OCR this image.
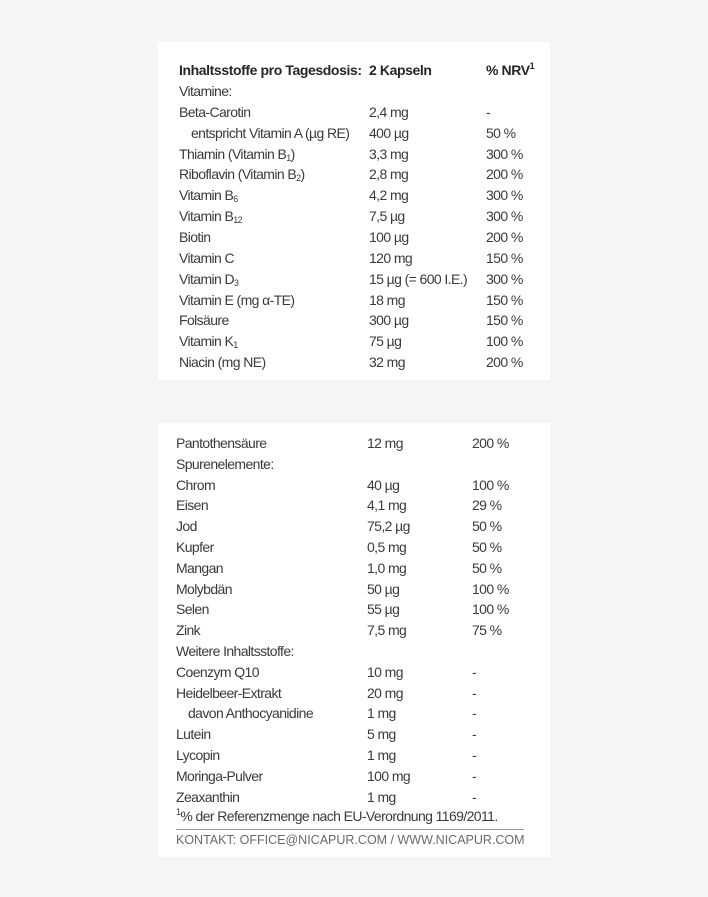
Inhaltsstoffe pro Tagesdosis: 2 Kapseln	% NRV$^1$
Vitamine:
Beta-Carotin	2,4 mg	-
entspricht Vitamin A (µg RE) 400 µg	50 %
Thiamin (Vitamin $B_1$)	3,3 mg	300 %
Riboflavin (Vitamin $B_2$)	2,8 mg	200 %
Vitamin $B_6$	4,2 mg	300 %
Vitamin $B_{12}$	7,5 µg	300 %
Biotin	100 µg	200 %
Vitamin C	120 mg	150 %
Vitamin $D_3$	15 µg (= 600 I.E.) 300 %
Vitamin E (mg α-TE)	18 mg	150 %
Folsäure	300 µg	150 %
Vitamin $K_1$	75 µg	100 %
Niacin (mg NE)	32 mg	200 %
Pantothensäure	12 mg	200 %
Spurenelemente:
Chrom	40 µg	100 %
Eisen	4,1 mg	29 %
Jod	75,2 µg	50 %
Kupfer	0,5 mg	50 %
Mangan	1,0 mg	50 %
Molybdän	50 µg	100 %
Selen	55 µg	100 %
Zink	7,5 mg	75 %
Weitere Inhaltsstoffe:
Coenzym Q10	10 mg	-
Heidelbeer-Extrakt	20 mg	-
davon Anthocyanidine	1 mg	-
Lutein	5 mg	-
Lycopin	1 mg	-
Moringa-Pulver	100 mg	-
Zeaxanthin	1 mg	-
$^1$% der Referenzmenge nach EU-Verordnung 1169/2011.
KONTAKT: OFFICE@NICAPUR.COM / WWW.NICAPUR.COM
